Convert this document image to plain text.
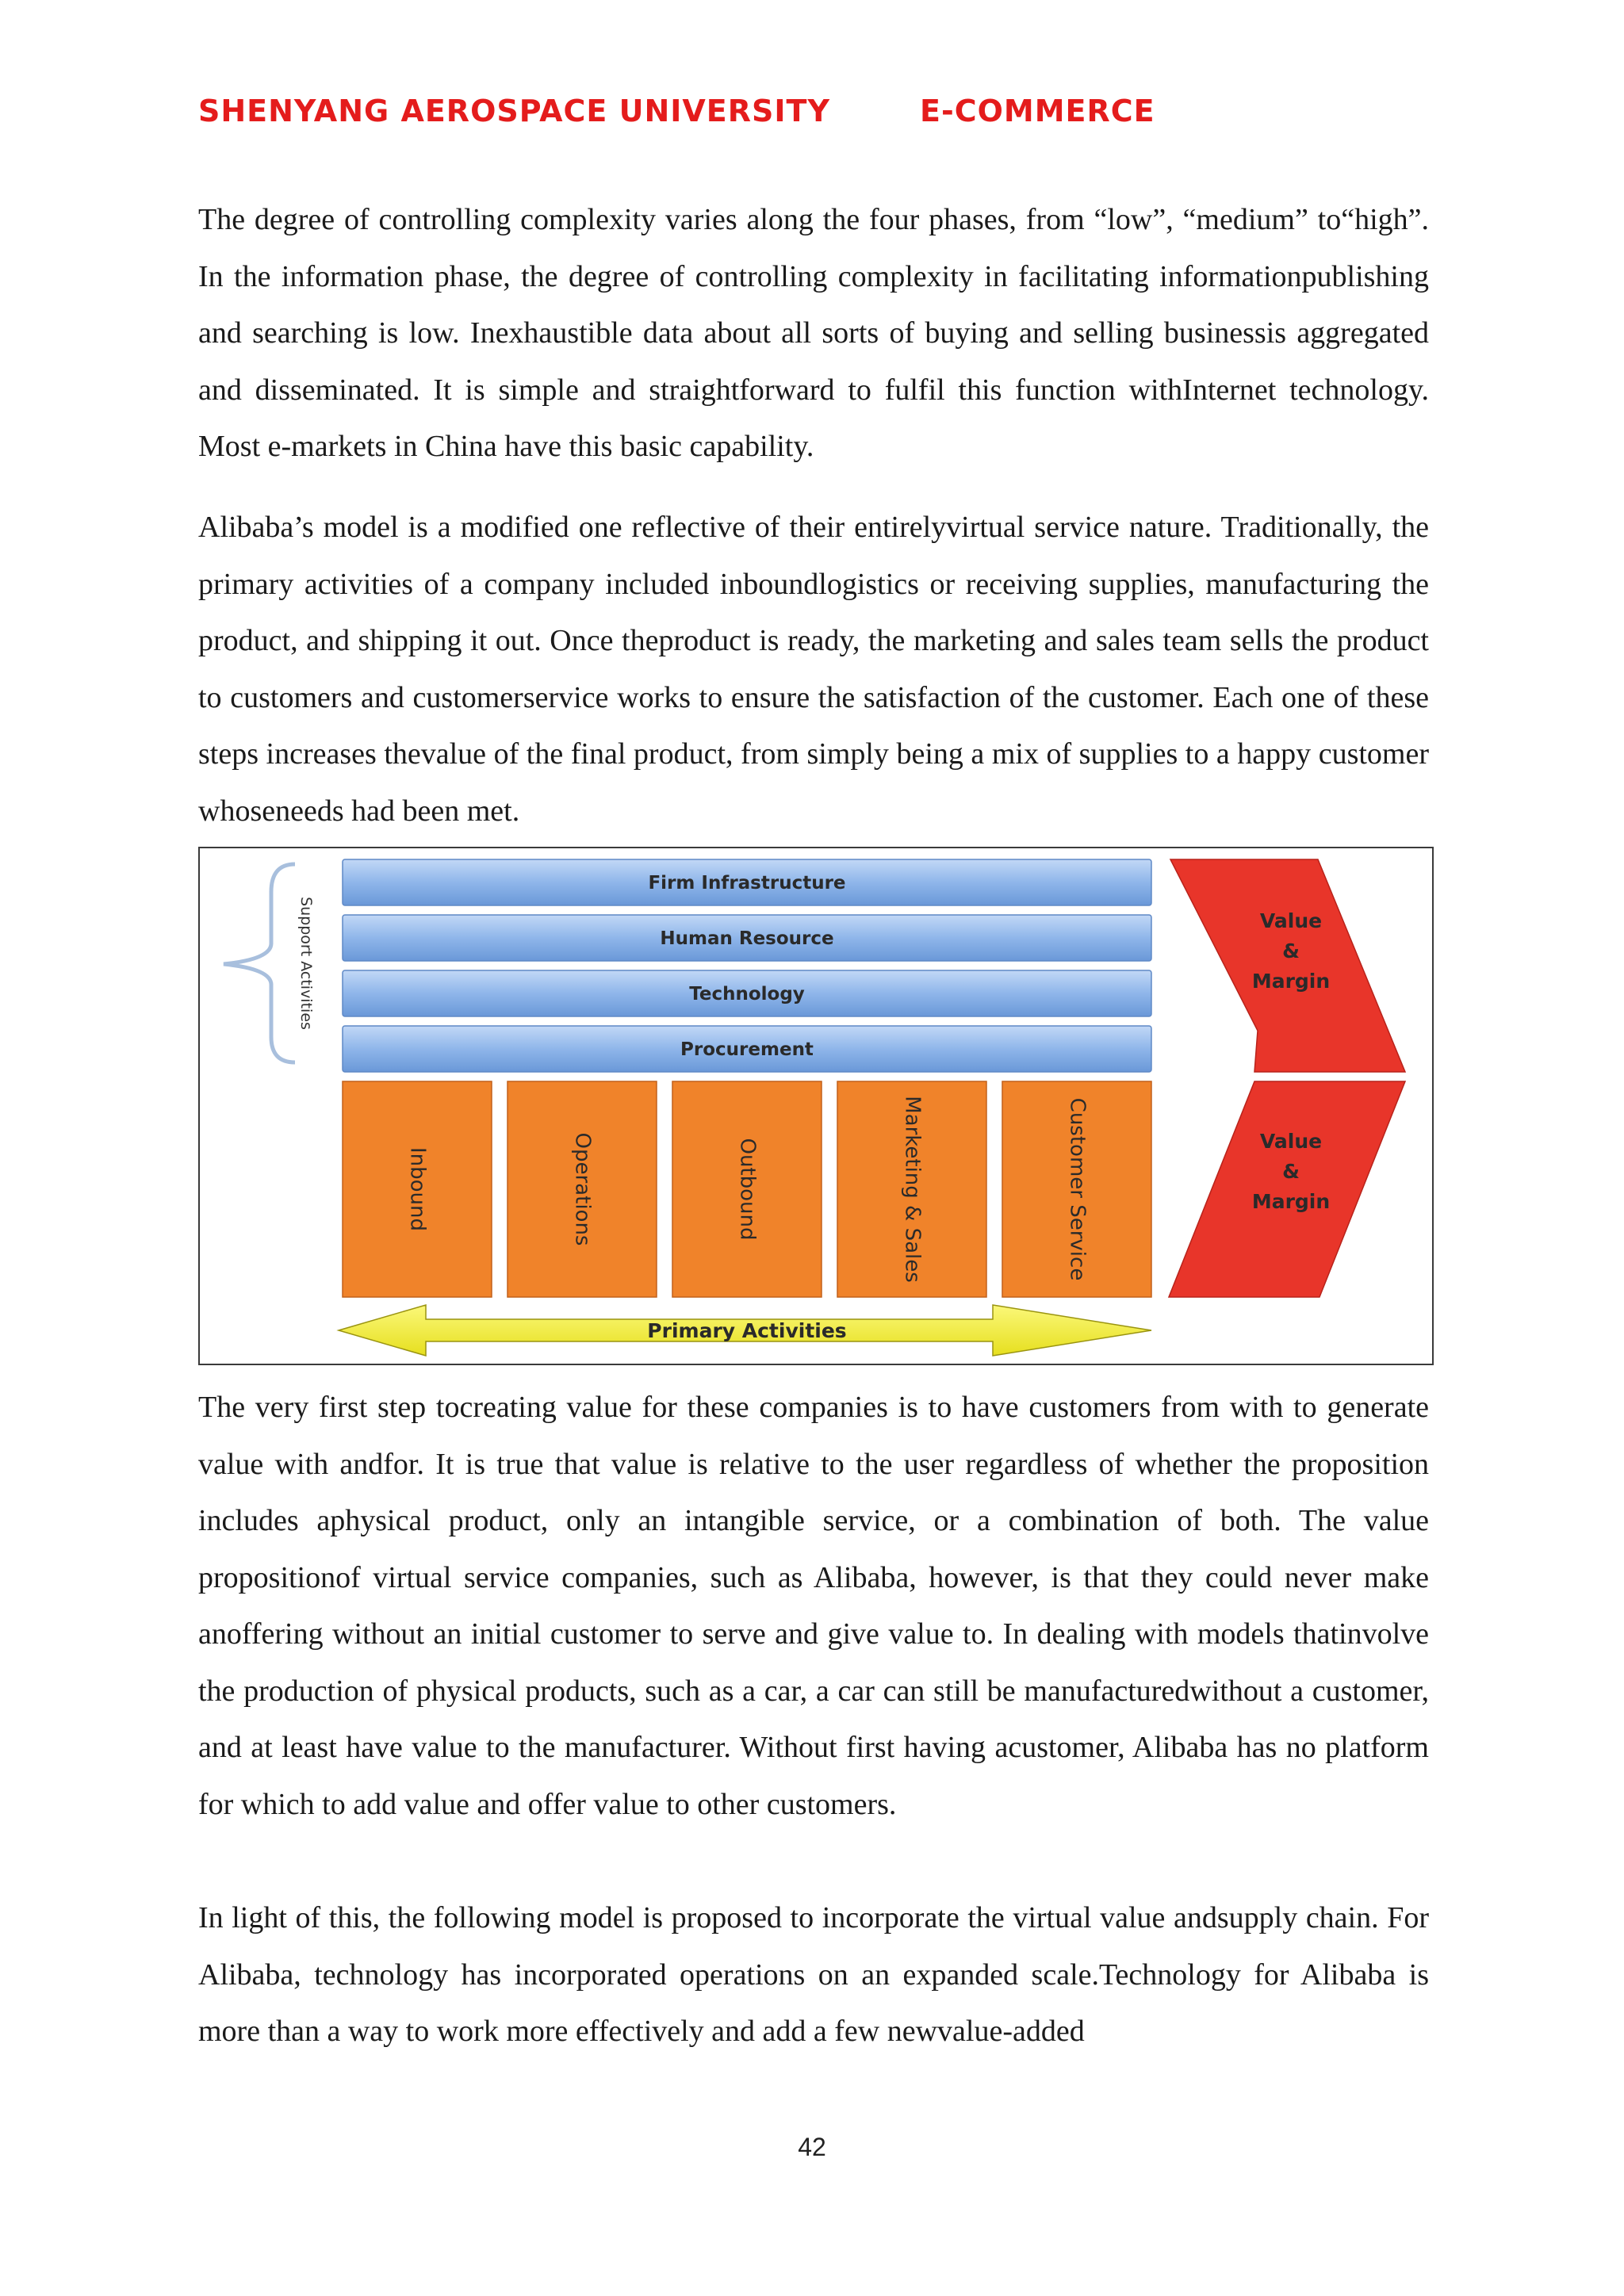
SHENYANG AEROSPACE UNIVERSITY	E-COMMERCE

The degree of controlling complexity varies along the four phases, from “low”, “medium” to“high”. In the information phase, the degree of controlling complexity in facilitating informationpublishing and searching is low. Inexhaustible data about all sorts of buying and selling businessis aggregated and disseminated. It is simple and straightforward to fulfil this function withInternet technology. Most e-markets in China have this basic capability.

Alibaba’s model is a modified one reflective of their entirelyvirtual service nature. Traditionally, the primary activities of a company included inboundlogistics or receiving supplies, manufacturing the product, and shipping it out. Once theproduct is ready, the marketing and sales team sells the product to customers and customerservice works to ensure the satisfaction of the customer. Each one of these steps increases thevalue of the final product, from simply being a mix of supplies to a happy customer whoseneeds had been met.

Support Activities
Firm Infrastructure
Human Resource
Technology
Procurement
Inbound	Operations	Outbound	Marketing & Sales	Customer Service
Value
&
Margin
Value
&
Margin
Primary Activities

The very first step tocreating value for these companies is to have customers from with to generate value with andfor. It is true that value is relative to the user regardless of whether the proposition includes aphysical product, only an intangible service, or a combination of both. The value propositionof virtual service companies, such as Alibaba, however, is that they could never make anoffering without an initial customer to serve and give value to. In dealing with models thatinvolve the production of physical products, such as a car, a car can still be manufacturedwithout a customer, and at least have value to the manufacturer. Without first having acustomer, Alibaba has no platform for which to add value and offer value to other customers.

In light of this, the following model is proposed to incorporate the virtual value andsupply chain. For Alibaba, technology has incorporated operations on an expanded scale.Technology for Alibaba is more than a way to work more effectively and add a few newvalue-added

42
